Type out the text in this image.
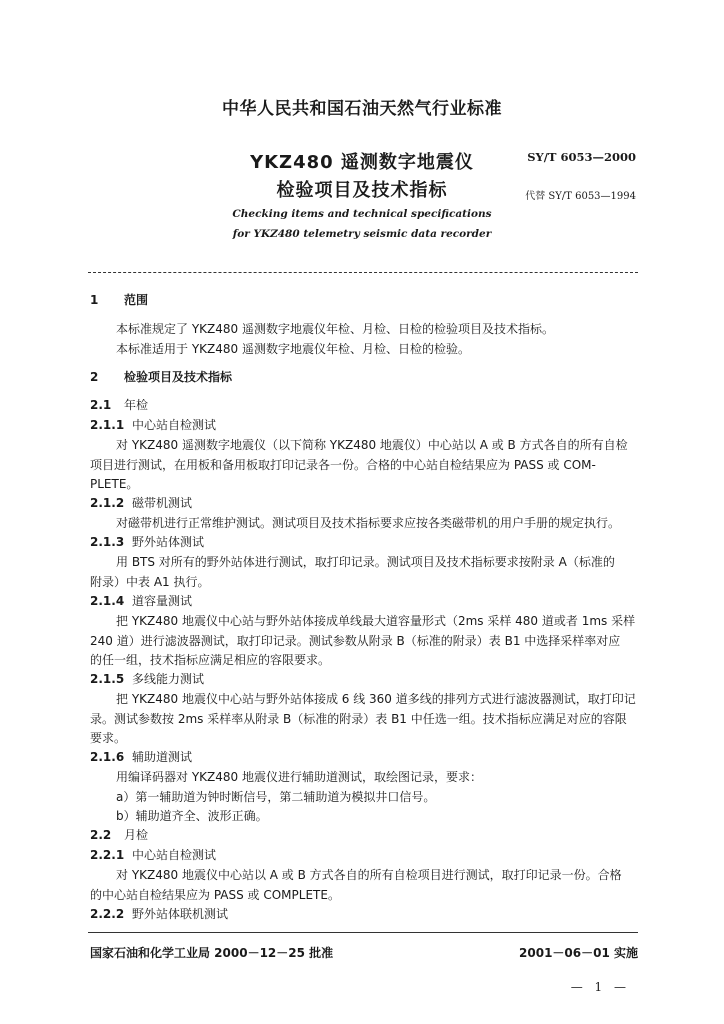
中华人民共和国石油天然气行业标准
YKZ480 遥测数字地震仪
检验项目及技术指标
SY/T 6053—2000
代替 SY/T 6053—1994
Checking items and technical specifications
for YKZ480 telemetry seismic data recorder
1 范围
本标准规定了 YKZ480 遥测数字地震仪年检、月检、日检的检验项目及技术指标。
本标准适用于 YKZ480 遥测数字地震仪年检、月检、日检的检验。
2 检验项目及技术指标
2.1 年检
2.1.1 中心站自检测试
对 YKZ480 遥测数字地震仪（以下简称 YKZ480 地震仪）中心站以 A 或 B 方式各自的所有自检
项目进行测试，在用板和备用板取打印记录各一份。合格的中心站自检结果应为 PASS 或 COM-
PLETE。
2.1.2 磁带机测试
对磁带机进行正常维护测试。测试项目及技术指标要求应按各类磁带机的用户手册的规定执行。
2.1.3 野外站体测试
用 BTS 对所有的野外站体进行测试，取打印记录。测试项目及技术指标要求按附录 A（标准的
附录）中表 A1 执行。
2.1.4 道容量测试
把 YKZ480 地震仪中心站与野外站体接成单线最大道容量形式（2ms 采样 480 道或者 1ms 采样
240 道）进行滤波器测试，取打印记录。测试参数从附录 B（标准的附录）表 B1 中选择采样率对应
的任一组，技术指标应满足相应的容限要求。
2.1.5 多线能力测试
把 YKZ480 地震仪中心站与野外站体接成 6 线 360 道多线的排列方式进行滤波器测试，取打印记
录。测试参数按 2ms 采样率从附录 B（标准的附录）表 B1 中任选一组。技术指标应满足对应的容限
要求。
2.1.6 辅助道测试
用编译码器对 YKZ480 地震仪进行辅助道测试，取绘图记录，要求：
a）第一辅助道为钟时断信号，第二辅助道为模拟井口信号。
b）辅助道齐全、波形正确。
2.2 月检
2.2.1 中心站自检测试
对 YKZ480 地震仪中心站以 A 或 B 方式各自的所有自检项目进行测试，取打印记录一份。合格
的中心站自检结果应为 PASS 或 COMPLETE。
2.2.2 野外站体联机测试
国家石油和化学工业局 2000－12－25 批准	2001－06－01 实施
— 1 —
